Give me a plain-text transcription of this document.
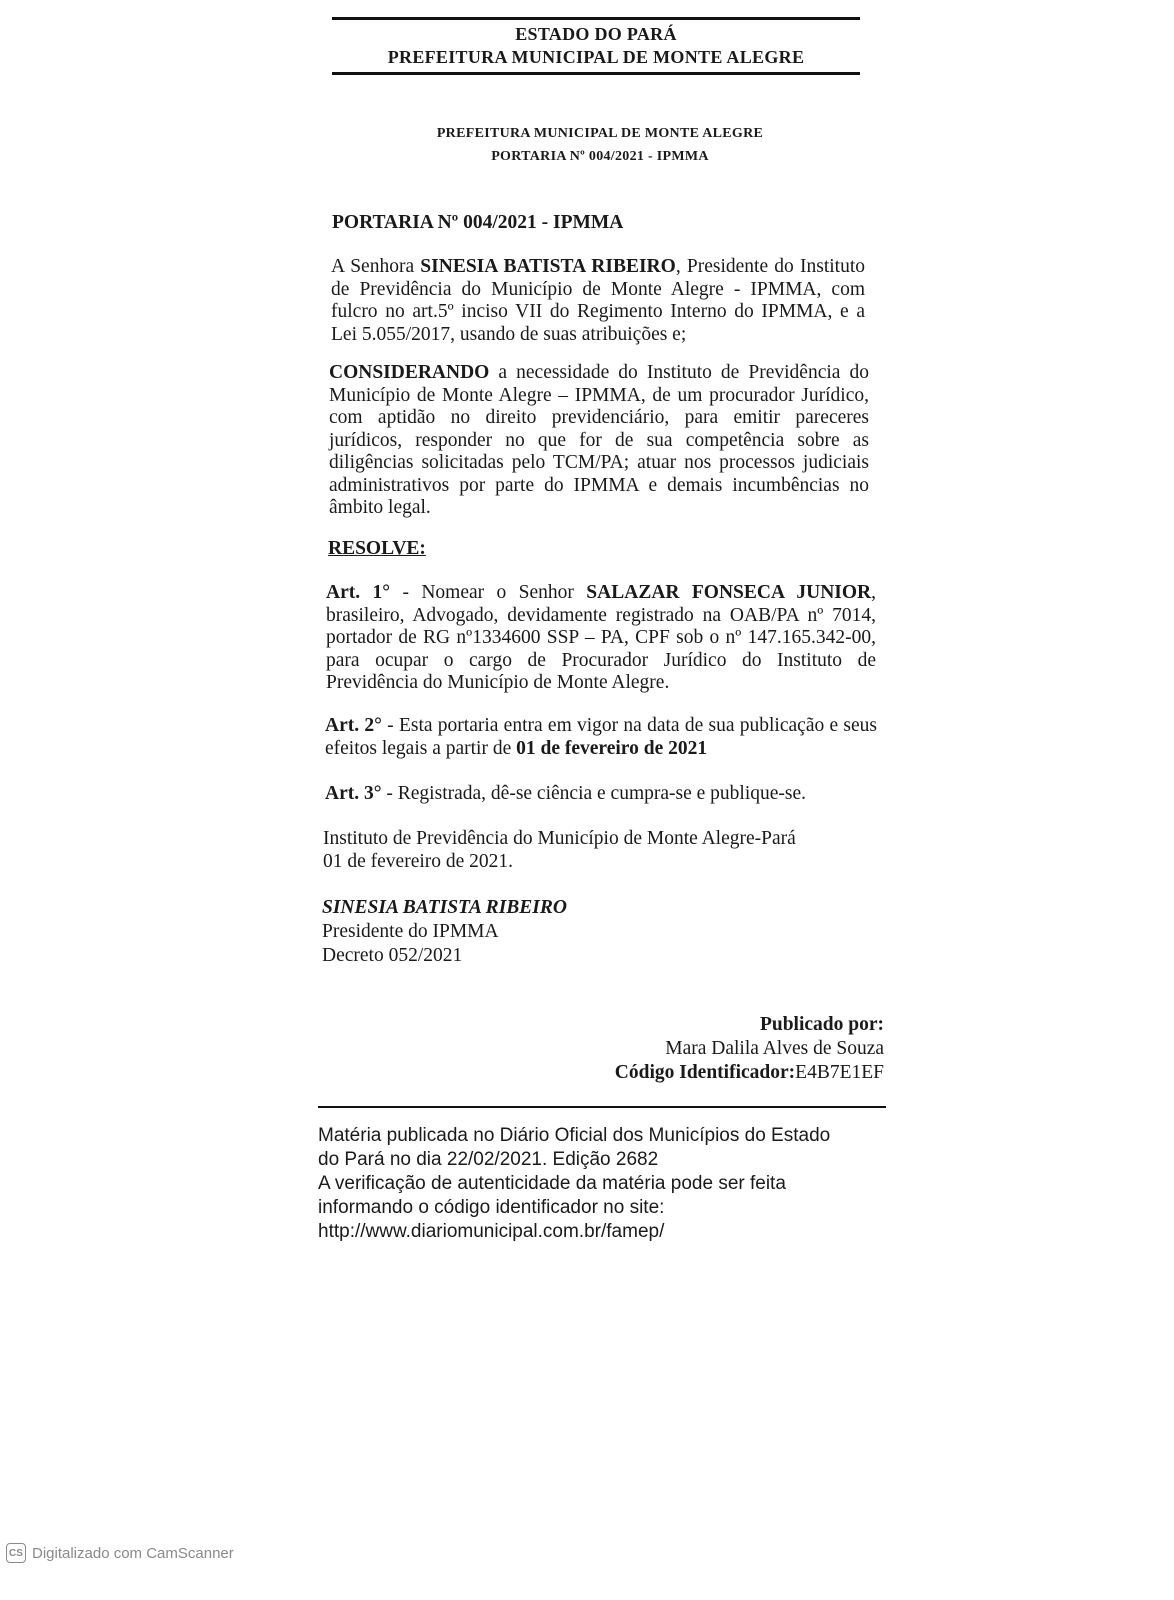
ESTADO DO PARÁ
PREFEITURA MUNICIPAL DE MONTE ALEGRE
PREFEITURA MUNICIPAL DE MONTE ALEGRE
PORTARIA Nº 004/2021 - IPMMA
PORTARIA Nº 004/2021 - IPMMA
A Senhora SINESIA BATISTA RIBEIRO, Presidente do Instituto de Previdência do Município de Monte Alegre - IPMMA, com fulcro no art.5º inciso VII do Regimento Interno do IPMMA, e a Lei 5.055/2017, usando de suas atribuições e;
CONSIDERANDO a necessidade do Instituto de Previdência do Município de Monte Alegre – IPMMA, de um procurador Jurídico, com aptidão no direito previdenciário, para emitir pareceres jurídicos, responder no que for de sua competência sobre as diligências solicitadas pelo TCM/PA; atuar nos processos judiciais administrativos por parte do IPMMA e demais incumbências no âmbito legal.
RESOLVE:
Art. 1° - Nomear o Senhor SALAZAR FONSECA JUNIOR, brasileiro, Advogado, devidamente registrado na OAB/PA nº 7014, portador de RG nº1334600 SSP – PA, CPF sob o nº 147.165.342-00, para ocupar o cargo de Procurador Jurídico do Instituto de Previdência do Município de Monte Alegre.
Art. 2° - Esta portaria entra em vigor na data de sua publicação e seus efeitos legais a partir de 01 de fevereiro de 2021
Art. 3° - Registrada, dê-se ciência e cumpra-se e publique-se.
Instituto de Previdência do Município de Monte Alegre-Pará
01 de fevereiro de 2021.
SINESIA BATISTA RIBEIRO
Presidente do IPMMA
Decreto 052/2021
Publicado por:
Mara Dalila Alves de Souza
Código Identificador:E4B7E1EF
Matéria publicada no Diário Oficial dos Municípios do Estado
do Pará no dia 22/02/2021. Edição 2682
A verificação de autenticidade da matéria pode ser feita
informando o código identificador no site:
http://www.diariomunicipal.com.br/famep/
CS Digitalizado com CamScanner
